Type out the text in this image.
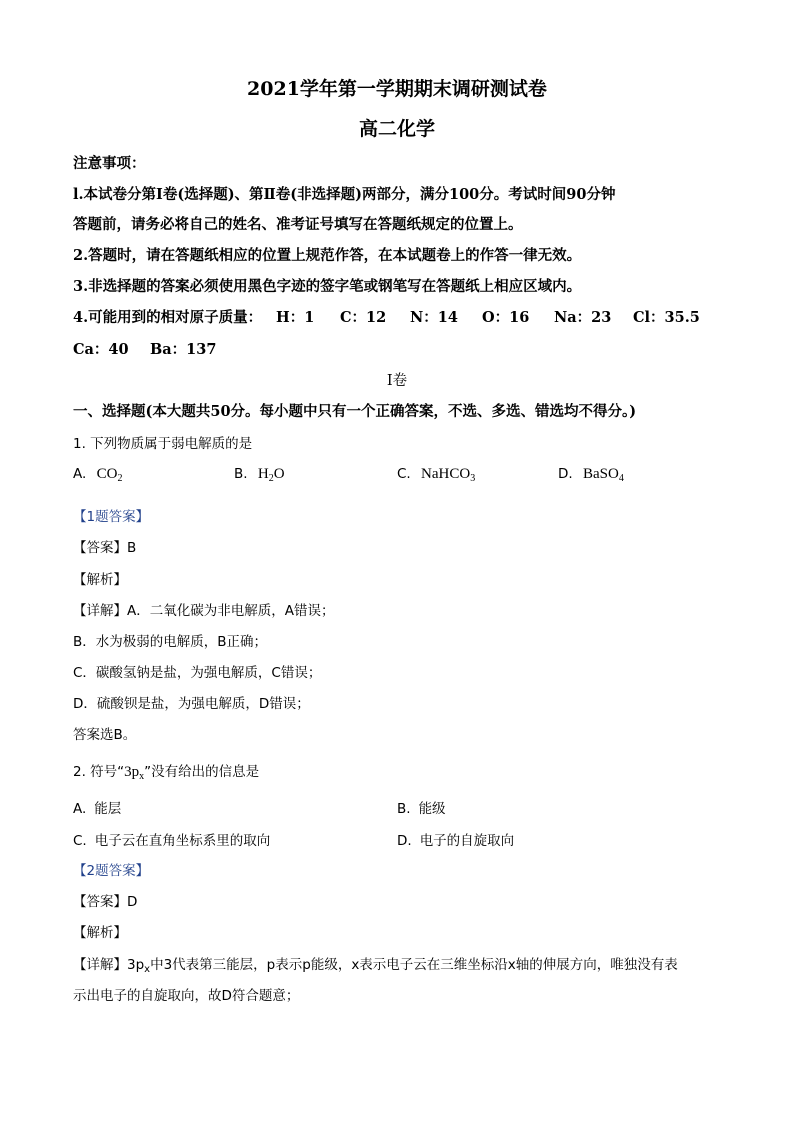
2021学年第一学期期末调研测试卷
高二化学
注意事项：
l.本试卷分第Ⅰ卷(选择题)、第Ⅱ卷(非选择题)两部分，满分100分。考试时间90分钟
答题前，请务必将自己的姓名、准考证号填写在答题纸规定的位置上。
2.答题时，请在答题纸相应的位置上规范作答，在本试题卷上的作答一律无效。
3.非选择题的答案必须使用黑色字迹的签字笔或钢笔写在答题纸上相应区域内。
4.可能用到的相对原子质量： H：1 C：12 N：14 O：16 Na：23 Cl：35.5
Ca：40 Ba：137
Ⅰ卷
一、选择题(本大题共50分。每小题中只有一个正确答案，不选、多选、错选均不得分。)
1. 下列物质属于弱电解质的是
A. $CO_2$	B. $H_2O$	C. NaHCO$_3$	D. BaSO$_4$
【1题答案】
【答案】B
【解析】
【详解】A．二氧化碳为非电解质，A错误；
B．水为极弱的电解质，B正确；
C．碳酸氢钠是盐，为强电解质，C错误；
D．硫酸钡是盐，为强电解质，D错误；
答案选B。
2. 符号“$3p_x$”没有给出的信息是
A. 能层	B. 能级
C. 电子云在直角坐标系里的取向	D. 电子的自旋取向
【2题答案】
【答案】D
【解析】
【详解】$3p_x$中3代表第三能层，p表示p能级，x表示电子云在三维坐标沿x轴的伸展方向，唯独没有表
示出电子的自旋取向，故D符合题意；
